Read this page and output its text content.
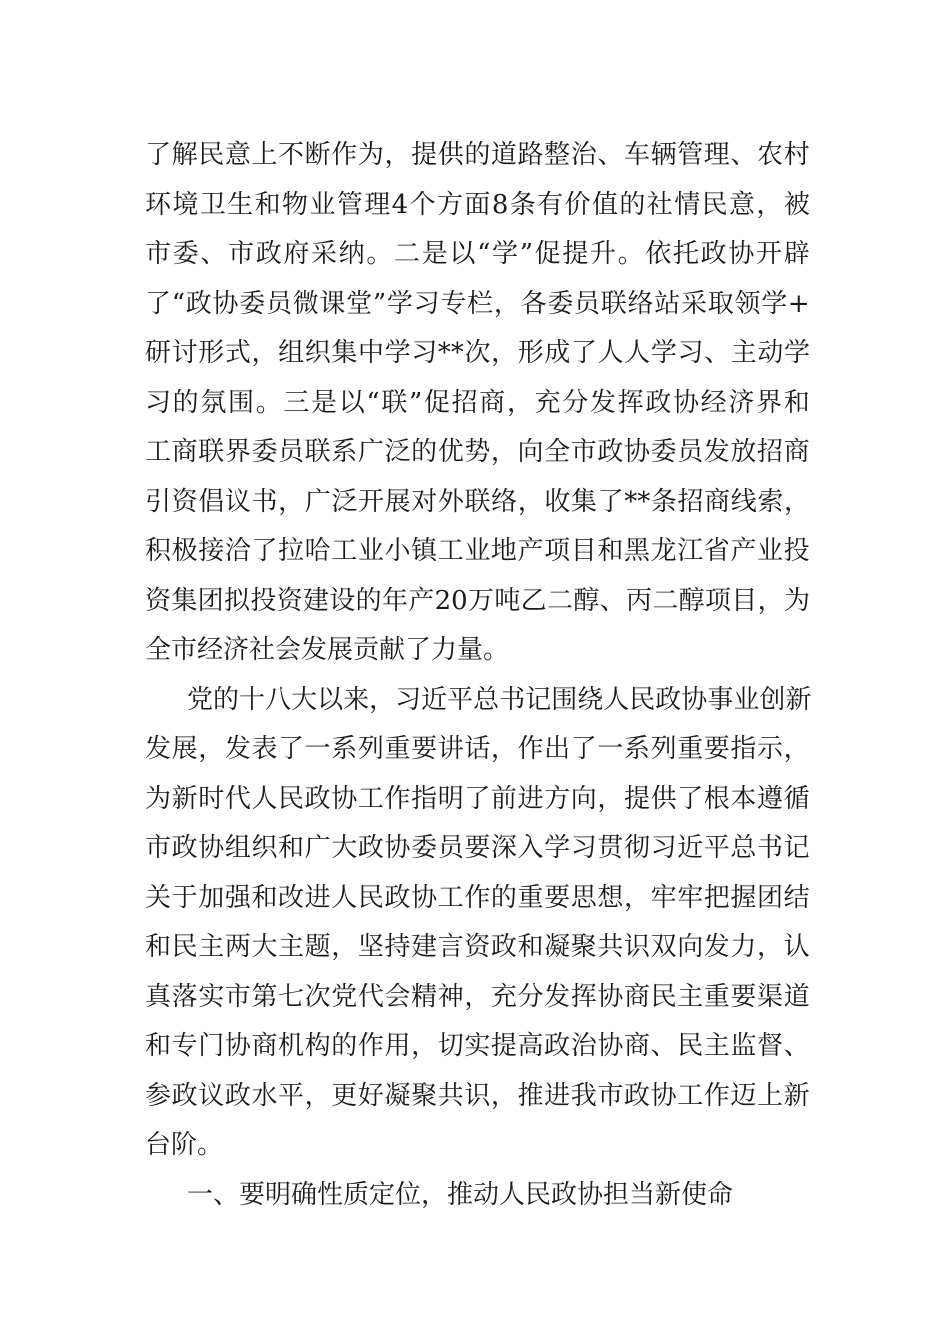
了 解 民 意 上 不 断 作 为 ， 提 供 的 道 路 整 治 、 车 辆 管 理 、 农 村
环 境 卫 生 和 物 业 管 理 4 个 方 面 8 条 有 价 值 的 社 情 民 意 ， 被
市 委 、 市 政 府 采 纳 。 二 是 以 “ 学 ” 促 提 升 。 依 托 政 协 开 辟
了 “ 政 协 委 员 微 课 堂 ” 学 习 专 栏 ， 各 委 员 联 络 站 采 取 领 学 +
研 讨 形 式 ， 组 织 集 中 学 习 ** 次 ， 形 成 了 人 人 学 习 、 主 动 学
习 的 氛 围 。 三 是 以 “ 联 ” 促 招 商 ， 充 分 发 挥 政 协 经 济 界 和
工 商 联 界 委 员 联 系 广 泛 的 优 势 ， 向 全 市 政 协 委 员 发 放 招 商
引 资 倡 议 书 ， 广 泛 开 展 对 外 联 络 ， 收 集 了 ** 条 招 商 线 索 ，
积 极 接 洽 了 拉 哈 工 业 小 镇 工 业 地 产 项 目 和 黑 龙 江 省 产 业 投
资 集 团 拟 投 资 建 设 的 年 产 20 万 吨 乙 二 醇 、 丙 二 醇 项 目 ， 为
全市经济社会发展贡献了力量。
党 的 十 八 大 以 来 ， 习 近 平 总 书 记 围 绕 人 民 政 协 事 业 创 新
发 展 ， 发 表 了 一 系 列 重 要 讲 话 ， 作 出 了 一 系 列 重 要 指 示 ，
为 新 时 代 人 民 政 协 工 作 指 明 了 前 进 方 向 ， 提 供 了 根 本 遵 循
市 政 协 组 织 和 广 大 政 协 委 员 要 深 入 学 习 贯 彻 习 近 平 总 书 记
关 于 加 强 和 改 进 人 民 政 协 工 作 的 重 要 思 想 ， 牢 牢 把 握 团 结
和 民 主 两 大 主 题 ， 坚 持 建 言 资 政 和 凝 聚 共 识 双 向 发 力 ， 认
真 落 实 市 第 七 次 党 代 会 精 神 ， 充 分 发 挥 协 商 民 主 重 要 渠 道
和 专 门 协 商 机 构 的 作 用 ， 切 实 提 高 政 治 协 商 、 民 主 监 督 、
参 政 议 政 水 平 ， 更 好 凝 聚 共 识 ， 推 进 我 市 政 协 工 作 迈 上 新
台阶。
一、要明确性质定位，推动人民政协担当新使命
